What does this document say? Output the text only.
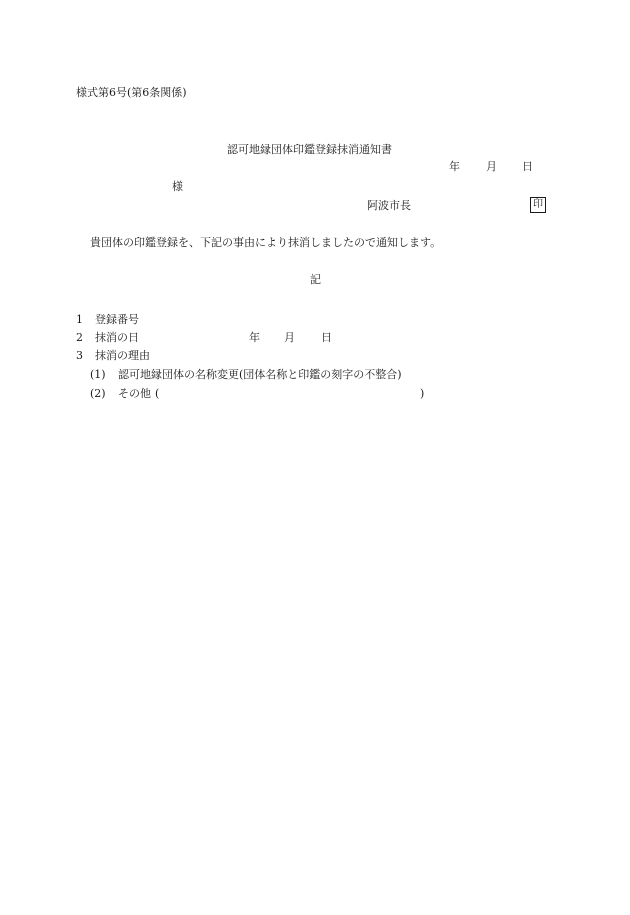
様式第6号(第6条関係)
認可地縁団体印鑑登録抹消通知書
年 月 日
様
阿波市長	印
貴団体の印鑑登録を、下記の事由により抹消しましたので通知します。
記
1 登録番号
2 抹消の日	年 月 日
3 抹消の理由
(1) 認可地縁団体の名称変更(団体名称と印鑑の刻字の不整合)
(2) その他 (	)
